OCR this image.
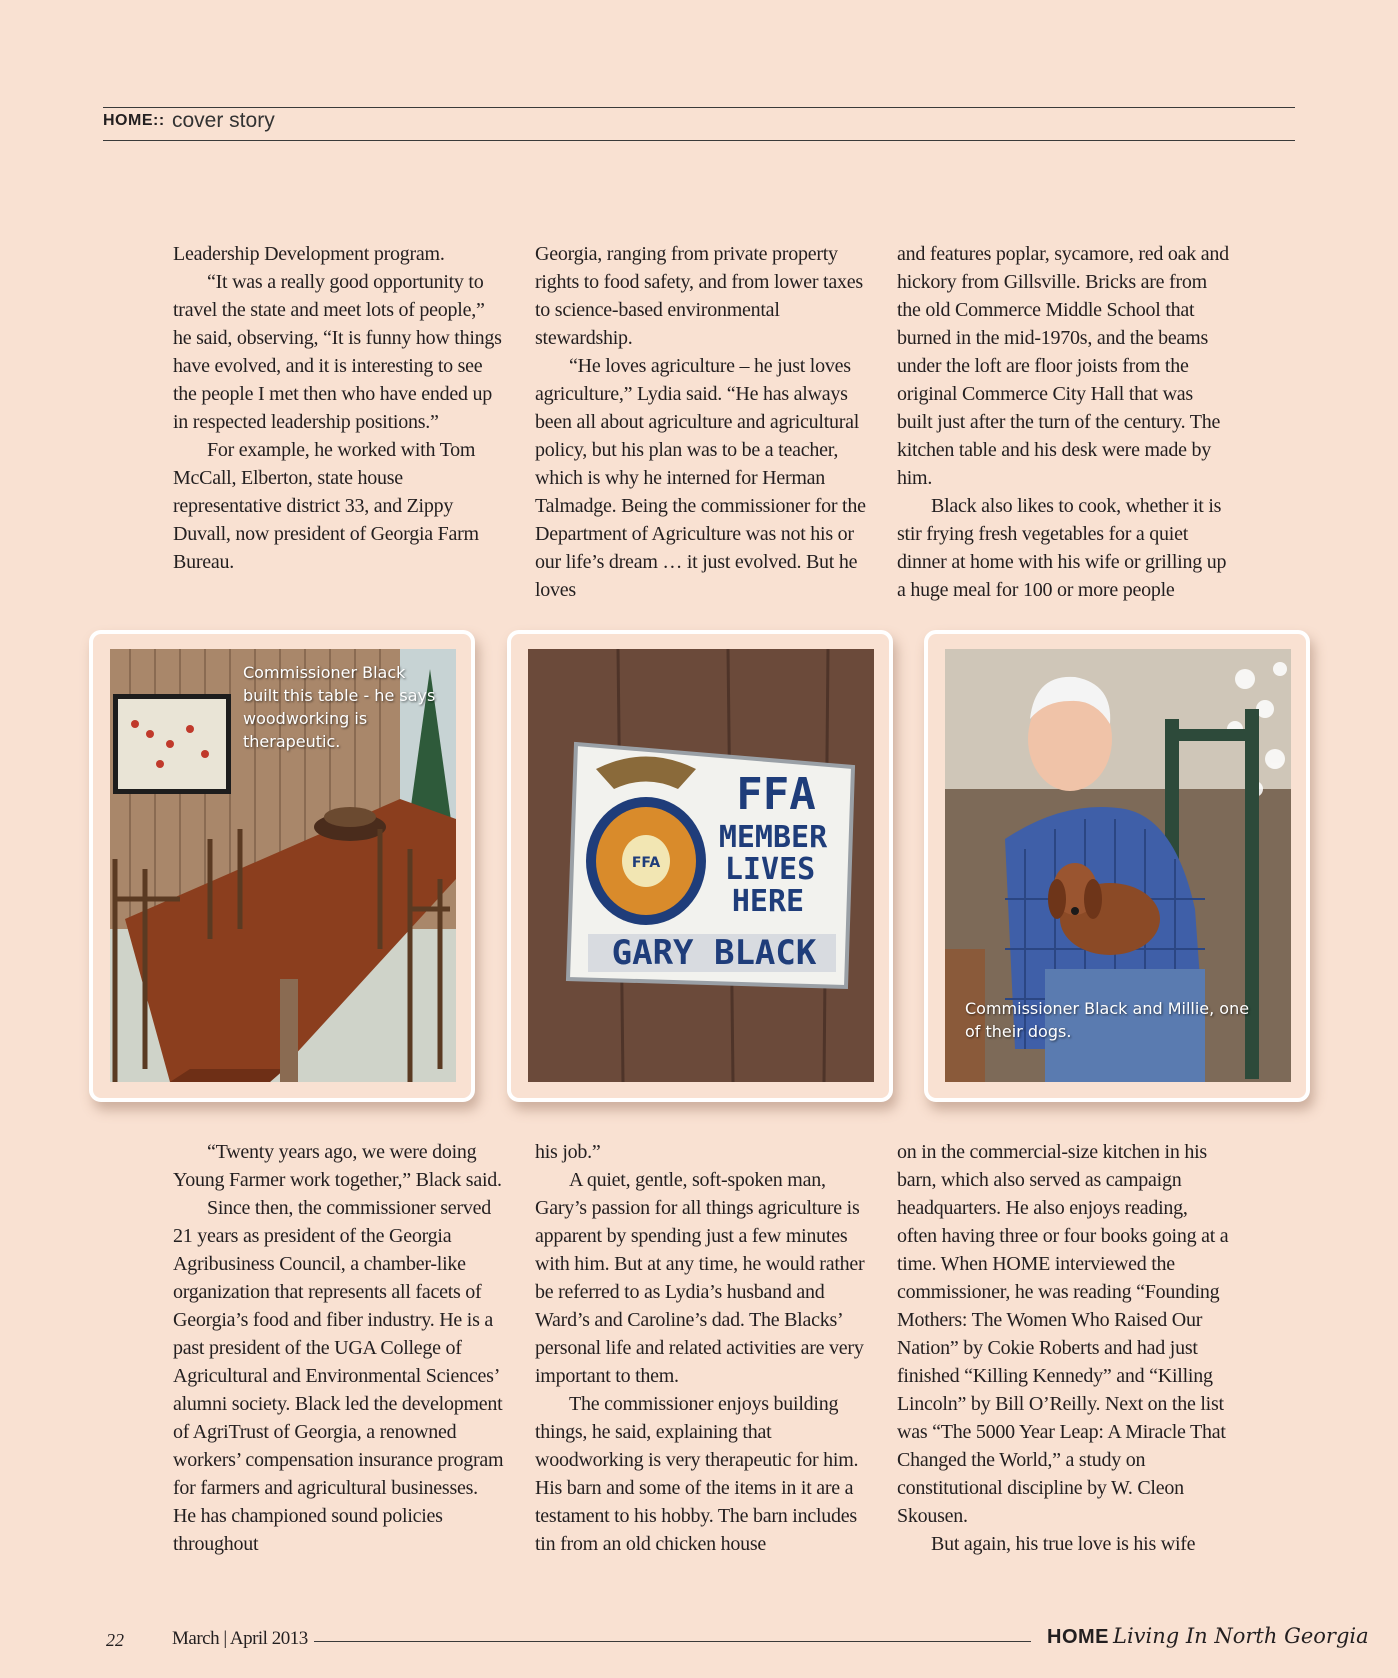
HOME:: cover story

Leadership Development program.

“It was a really good opportunity to travel the state and meet lots of people,” he said, observing, “It is funny how things have evolved, and it is interesting to see the people I met then who have ended up in respected leadership positions.”

For example, he worked with Tom McCall, Elberton, state house representative district 33, and Zippy Duvall, now president of Georgia Farm Bureau.

Georgia, ranging from private property rights to food safety, and from lower taxes to science-based environmental stewardship.

“He loves agriculture – he just loves agriculture,” Lydia said. “He has always been all about agriculture and agricultural policy, but his plan was to be a teacher, which is why he interned for Herman Talmadge. Being the commissioner for the Department of Agriculture was not his or our life’s dream … it just evolved. But he loves

and features poplar, sycamore, red oak and hickory from Gillsville. Bricks are from the old Commerce Middle School that burned in the mid-1970s, and the beams under the loft are floor joists from the original Commerce City Hall that was built just after the turn of the century. The kitchen table and his desk were made by him.

Black also likes to cook, whether it is stir frying fresh vegetables for a quiet dinner at home with his wife or grilling up a huge meal for 100 or more people

Commissioner Black built this table - he says woodworking is therapeutic.
FFA
FFA
MEMBER
LIVES
HERE
GARY BLACK
Commissioner Black and Millie, one of their dogs.

“Twenty years ago, we were doing Young Farmer work together,” Black said.

Since then, the commissioner served 21 years as president of the Georgia Agribusiness Council, a chamber-like organization that represents all facets of Georgia’s food and fiber industry. He is a past president of the UGA College of Agricultural and Environmental Sciences’ alumni society. Black led the development of AgriTrust of Georgia, a renowned workers’ compensation insurance program for farmers and agricultural businesses. He has championed sound policies throughout

his job.”

A quiet, gentle, soft-spoken man, Gary’s passion for all things agriculture is apparent by spending just a few minutes with him. But at any time, he would rather be referred to as Lydia’s husband and Ward’s and Caroline’s dad. The Blacks’ personal life and related activities are very important to them.

The commissioner enjoys building things, he said, explaining that woodworking is very therapeutic for him. His barn and some of the items in it are a testament to his hobby. The barn includes tin from an old chicken house

on in the commercial-size kitchen in his barn, which also served as campaign headquarters. He also enjoys reading, often having three or four books going at a time. When HOME interviewed the commissioner, he was reading “Founding Mothers: The Women Who Raised Our Nation” by Cokie Roberts and had just finished “Killing Kennedy” and “Killing Lincoln” by Bill O’Reilly. Next on the list was “The 5000 Year Leap: A Miracle That Changed the World,” a study on constitutional discipline by W. Cleon Skousen.

But again, his true love is his wife

22	March | April 2013	HOME Living In North Georgia
